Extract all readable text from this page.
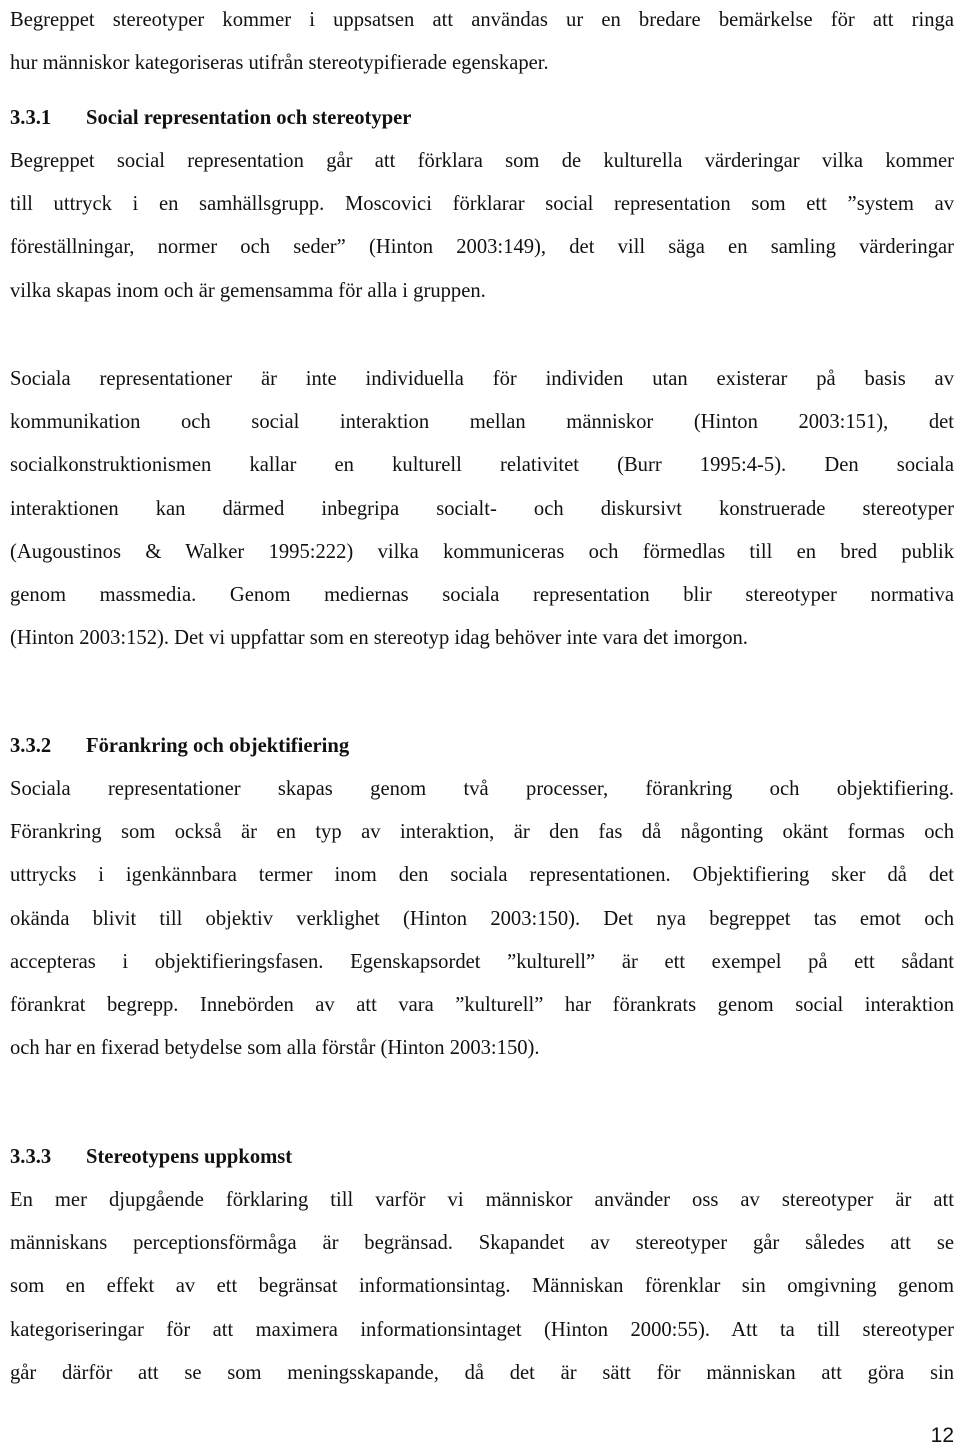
Begreppet stereotyper kommer i uppsatsen att användas ur en bredare bemärkelse för att ringa
hur människor kategoriseras utifrån stereotypifierade egenskaper.

3.3.1 Social representation och stereotyper

Begreppet social representation går att förklara som de kulturella värderingar vilka kommer
till uttryck i en samhällsgrupp. Moscovici förklarar social representation som ett ”system av
föreställningar, normer och seder” (Hinton 2003:149), det vill säga en samling värderingar
vilka skapas inom och är gemensamma för alla i gruppen.

Sociala representationer är inte individuella för individen utan existerar på basis av
kommunikation och social interaktion mellan människor (Hinton 2003:151), det
socialkonstruktionismen kallar en kulturell relativitet (Burr 1995:4-5). Den sociala
interaktionen kan därmed inbegripa socialt- och diskursivt konstruerade stereotyper
(Augoustinos & Walker 1995:222) vilka kommuniceras och förmedlas till en bred publik
genom massmedia. Genom mediernas sociala representation blir stereotyper normativa
(Hinton 2003:152). Det vi uppfattar som en stereotyp idag behöver inte vara det imorgon.

3.3.2 Förankring och objektifiering

Sociala representationer skapas genom två processer, förankring och objektifiering.
Förankring som också är en typ av interaktion, är den fas då någonting okänt formas och
uttrycks i igenkännbara termer inom den sociala representationen. Objektifiering sker då det
okända blivit till objektiv verklighet (Hinton 2003:150). Det nya begreppet tas emot och
accepteras i objektifieringsfasen. Egenskapsordet ”kulturell” är ett exempel på ett sådant
förankrat begrepp. Innebörden av att vara ”kulturell” har förankrats genom social interaktion
och har en fixerad betydelse som alla förstår (Hinton 2003:150).

3.3.3 Stereotypens uppkomst

En mer djupgående förklaring till varför vi människor använder oss av stereotyper är att
människans perceptionsförmåga är begränsad. Skapandet av stereotyper går således att se
som en effekt av ett begränsat informationsintag. Människan förenklar sin omgivning genom
kategoriseringar för att maximera informationsintaget (Hinton 2000:55). Att ta till stereotyper
går därför att se som meningsskapande, då det är sätt för människan att göra sin

12
